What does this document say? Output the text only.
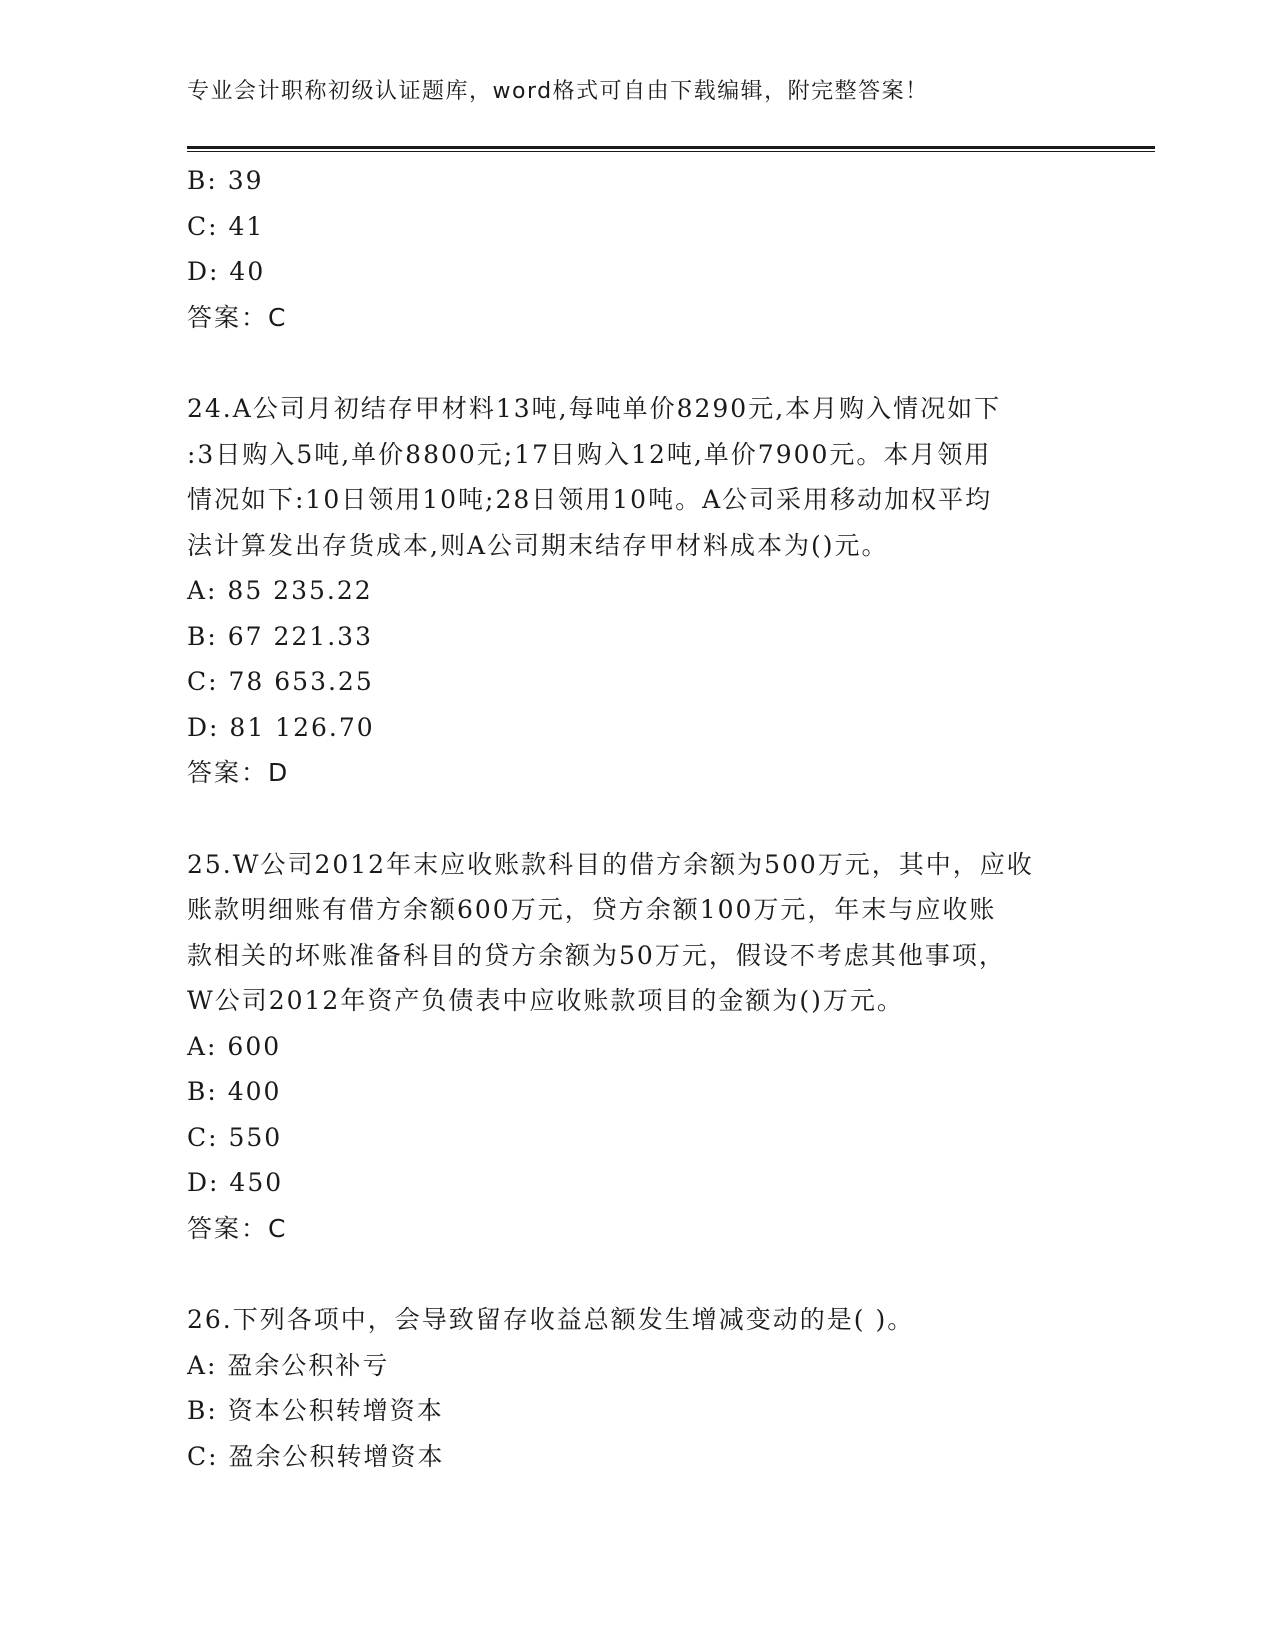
专业会计职称初级认证题库，word格式可自由下载编辑，附完整答案！
B: 39
C: 41
D: 40
答案：C
24.A公司月初结存甲材料13吨,每吨单价8290元,本月购入情况如下
:3日购入5吨,单价8800元;17日购入12吨,单价7900元。本月领用
情况如下:10日领用10吨;28日领用10吨。A公司采用移动加权平均
法计算发出存货成本,则A公司期末结存甲材料成本为()元。
A: 85 235.22
B: 67 221.33
C: 78 653.25
D: 81 126.70
答案：D
25.W公司2012年末应收账款科目的借方余额为500万元，其中，应收
账款明细账有借方余额600万元，贷方余额100万元，年末与应收账
款相关的坏账准备科目的贷方余额为50万元，假设不考虑其他事项，
W公司2012年资产负债表中应收账款项目的金额为()万元。
A: 600
B: 400
C: 550
D: 450
答案：C
26.下列各项中，会导致留存收益总额发生增减变动的是( )。
A: 盈余公积补亏
B: 资本公积转增资本
C: 盈余公积转增资本
